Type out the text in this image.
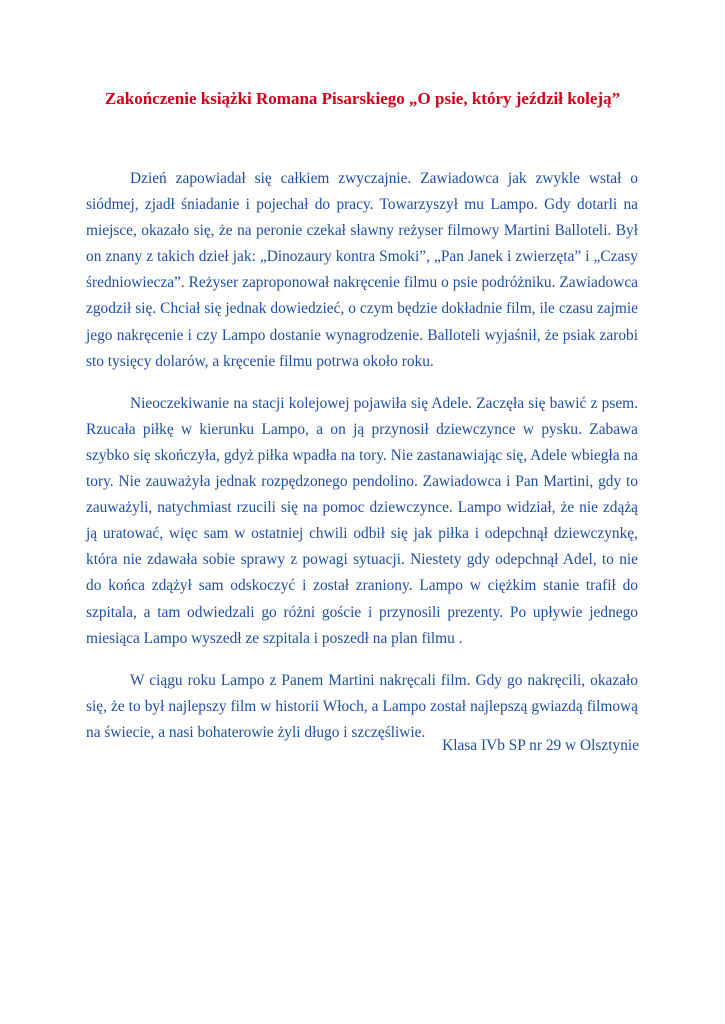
Zakończenie książki Romana Pisarskiego „O psie, który jeździł koleją”

Dzień zapowiadał się całkiem zwyczajnie. Zawiadowca jak zwykle wstał o siódmej, zjadł śniadanie i pojechał do pracy. Towarzyszył mu Lampo. Gdy dotarli na miejsce, okazało się, że na peronie czekał sławny reżyser filmowy Martini Balloteli. Był on znany z takich dzieł jak: „Dinozaury kontra Smoki”, „Pan Janek i zwierzęta” i „Czasy średniowiecza”. Reżyser zaproponował nakręcenie filmu o psie podróżniku. Zawiadowca zgodził się. Chciał się jednak dowiedzieć, o czym będzie dokładnie film, ile czasu zajmie jego nakręcenie i czy Lampo dostanie wynagrodzenie. Balloteli wyjaśnił, że psiak zarobi sto tysięcy dolarów, a kręcenie filmu potrwa około roku.

Nieoczekiwanie na stacji kolejowej pojawiła się Adele. Zaczęła się bawić z psem. Rzucała piłkę w kierunku Lampo, a on ją przynosił dziewczynce w pysku. Zabawa szybko się skończyła, gdyż piłka wpadła na tory. Nie zastanawiając się, Adele wbiegła na tory. Nie zauważyła jednak rozpędzonego pendolino. Zawiadowca i Pan Martini, gdy to zauważyli, natychmiast rzucili się na pomoc dziewczynce. Lampo widział, że nie zdążą ją uratować, więc sam w ostatniej chwili odbił się jak piłka i odepchnął dziewczynkę, która nie zdawała sobie sprawy z powagi sytuacji. Niestety gdy odepchnął Adel, to nie do końca zdążył sam odskoczyć i został zraniony. Lampo w ciężkim stanie trafił do szpitala, a tam odwiedzali go różni goście i przynosili prezenty. Po upływie jednego miesiąca Lampo wyszedł ze szpitala i poszedł na plan filmu .

W ciągu roku Lampo z Panem Martini nakręcali film. Gdy go nakręcili, okazało się, że to był najlepszy film w historii Włoch, a Lampo został najlepszą gwiazdą filmową na świecie, a nasi bohaterowie żyli długo i szczęśliwie.

Klasa IVb SP nr 29 w Olsztynie
